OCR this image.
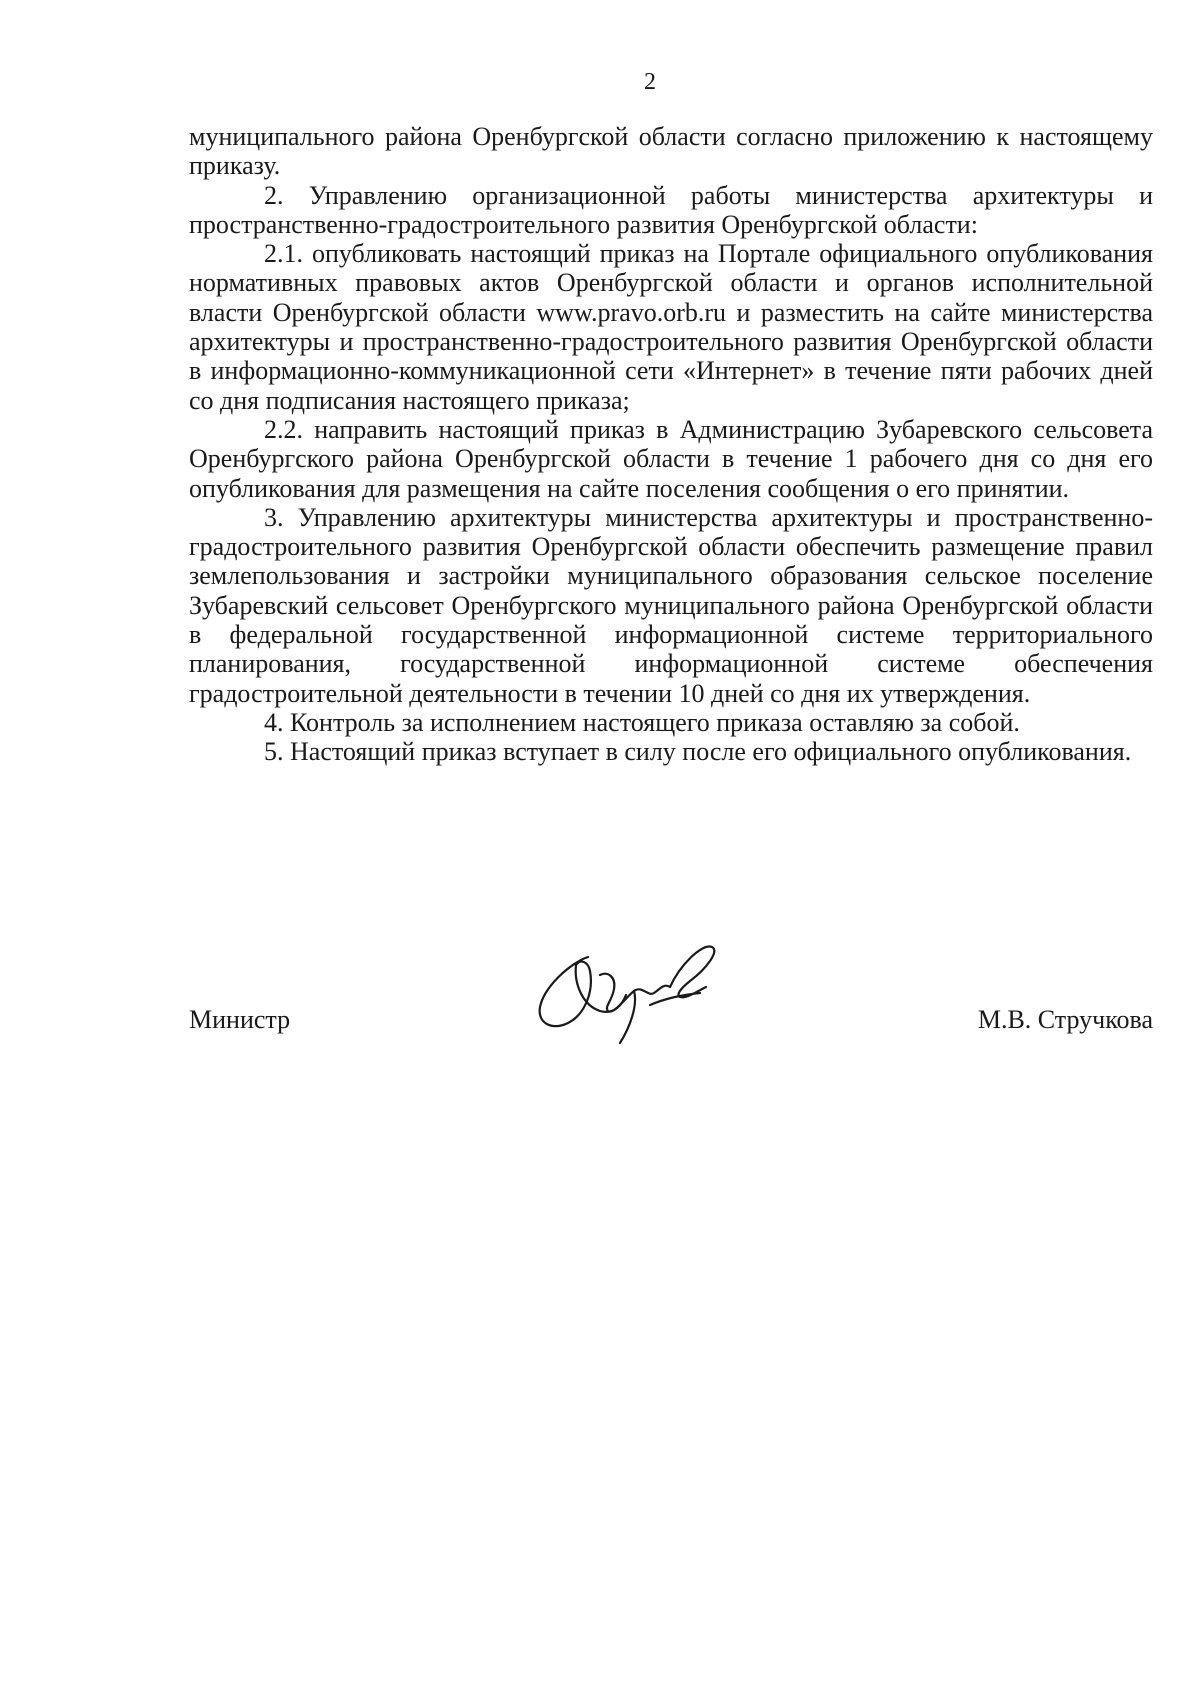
2

муниципального района Оренбургской области согласно приложению к настоящему приказу.

2. Управлению организационной работы министерства архитектуры и пространственно-градостроительного развития Оренбургской области:

2.1. опубликовать настоящий приказ на Портале официального опубликования нормативных правовых актов Оренбургской области и органов исполнительной власти Оренбургской области www.pravo.orb.ru и разместить на сайте министерства архитектуры и пространственно-градостроительного развития Оренбургской области в информационно-коммуникационной сети «Интернет» в течение пяти рабочих дней со дня подписания настоящего приказа;

2.2. направить настоящий приказ в Администрацию Зубаревского сельсовета Оренбургского района Оренбургской области в течение 1 рабочего дня со дня его опубликования для размещения на сайте поселения сообщения о его принятии.

3. Управлению архитектуры министерства архитектуры и пространственно-градостроительного развития Оренбургской области обеспечить размещение правил землепользования и застройки муниципального образования сельское поселение Зубаревский сельсовет Оренбургского муниципального района Оренбургской области в федеральной государственной информационной системе территориального планирования, государственной информационной системе обеспечения градостроительной деятельности в течении 10 дней со дня их утверждения.

4. Контроль за исполнением настоящего приказа оставляю за собой.

5. Настоящий приказ вступает в силу после его официального опубликования.

Министр	М.В. Стручкова
